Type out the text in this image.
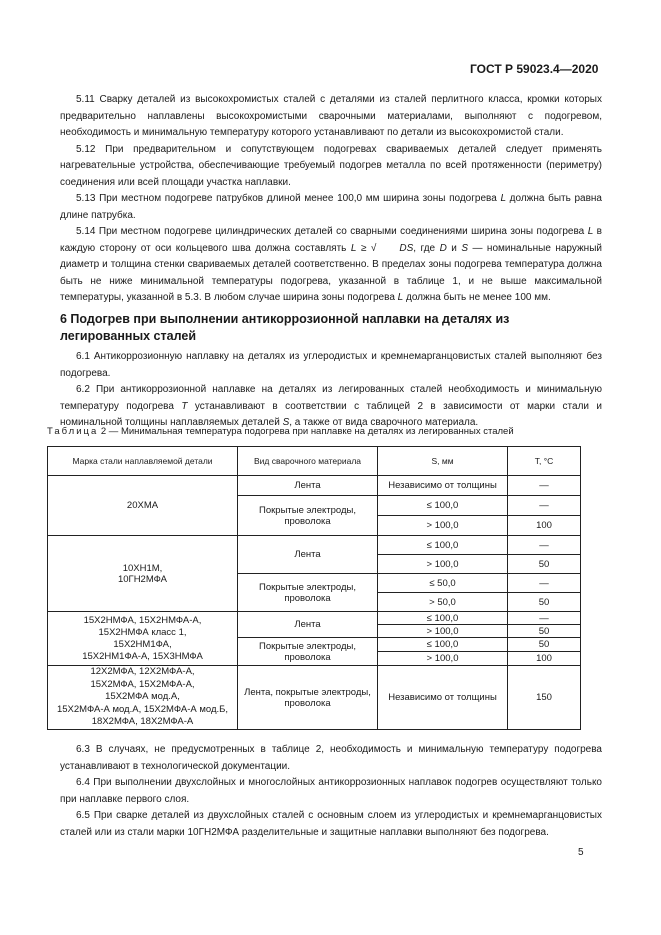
ГОСТ Р 59023.4—2020

5.11 Сварку деталей из высокохромистых сталей с деталями из сталей перлитного класса, кромки которых предварительно наплавлены высокохромистыми сварочными материалами, выполняют с подогревом, необходимость и минимальную температуру которого устанавливают по детали из высокохромистой стали.

5.12 При предварительном и сопутствующем подогревах свариваемых деталей следует применять нагревательные устройства, обеспечивающие требуемый подогрев металла по всей протяженности (периметру) соединения или всей площади участка наплавки.

5.13 При местном подогреве патрубков длиной менее 100,0 мм ширина зоны подогрева L должна быть равна длине патрубка.

5.14 При местном подогреве цилиндрических деталей со сварными соединениями ширина зоны подогрева L в каждую сторону от оси кольцевого шва должна составлять L ≥ √ DS, где D и S — номинальные наружный диаметр и толщина стенки свариваемых деталей соответственно. В пределах зоны подогрева температура должна быть не ниже минимальной температуры подогрева, указанной в таблице 1, и не выше максимальной температуры, указанной в 5.3. В любом случае ширина зоны подогрева L должна быть не менее 100 мм.

6 Подогрев при выполнении антикоррозионной наплавки на деталях из легированных сталей

6.1 Антикоррозионную наплавку на деталях из углеродистых и кремнемарганцовистых сталей выполняют без подогрева.

6.2 При антикоррозионной наплавке на деталях из легированных сталей необходимость и минимальную температуру подогрева T устанавливают в соответствии с таблицей 2 в зависимости от марки стали и номинальной толщины наплавляемых деталей S, а также от вида сварочного материала.

Таблица 2 — Минимальная температура подогрева при наплавке на деталях из легированных сталей
Марка стали наплавляемой детали	Вид сварочного материала	S, мм	T, °C
20ХМА	Лента	Независимо от толщины	—
	Покрытые электроды, проволока	≤ 100,0	—
		> 100,0	100
10ХН1М,
10ГН2МФА	Лента	≤ 100,0	—
		> 100,0	50
	Покрытые электроды, проволока	≤ 50,0	—
		> 50,0	50
15Х2НМФА, 15Х2НМФА-А,
15Х2НМФА класс 1,
15Х2НМ1ФА,
15Х2НМ1ФА-А, 15Х3НМФА	Лента	≤ 100,0	—
		> 100,0	50
	Покрытые электроды, проволока	≤ 100,0	50
		> 100,0	100
12Х2МФА, 12Х2МФА-А,
15Х2МФА, 15Х2МФА-А,
15Х2МФА мод.А,
15Х2МФА-А мод.А, 15Х2МФА-А мод.Б,
18Х2МФА, 18Х2МФА-А	Лента, покрытые электроды, проволока	Независимо от толщины	150

6.3 В случаях, не предусмотренных в таблице 2, необходимость и минимальную температуру подогрева устанавливают в технологической документации.

6.4 При выполнении двухслойных и многослойных антикоррозионных наплавок подогрев осуществляют только при наплавке первого слоя.

6.5 При сварке деталей из двухслойных сталей с основным слоем из углеродистых и кремнемарганцовистых сталей или из стали марки 10ГН2МФА разделительные и защитные наплавки выполняют без подогрева.

5
